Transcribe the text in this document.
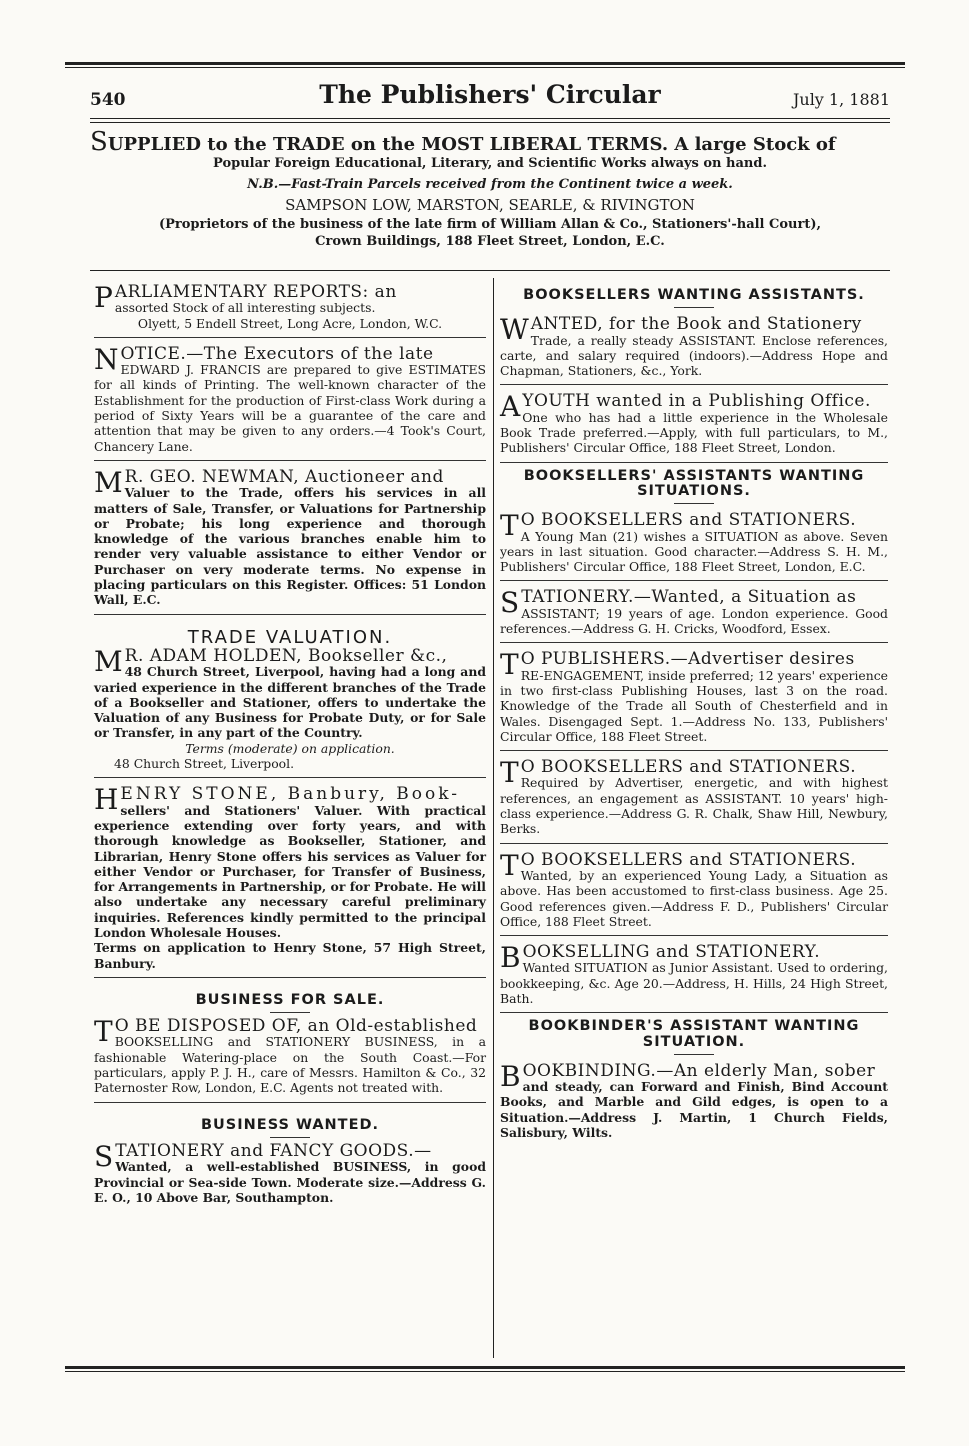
540	The Publishers' Circular	July 1, 1881
SUPPLIED to the TRADE on the MOST LIBERAL TERMS. A large Stock of
Popular Foreign Educational, Literary, and Scientific Works always on hand.
N.B.—Fast-Train Parcels received from the Continent twice a week.
SAMPSON LOW, MARSTON, SEARLE, & RIVINGTON
(Proprietors of the business of the late firm of William Allan & Co., Stationers'-hall Court),
Crown Buildings, 188 Fleet Street, London, E.C.

PARLIAMENTARY REPORTS: an

assorted Stock of all interesting subjects.

Olyett, 5 Endell Street, Long Acre, London, W.C.

NOTICE.—The Executors of the late

EDWARD J. FRANCIS are prepared to give ESTIMATES for all kinds of Printing. The well-known character of the Establishment for the production of First-class Work during a period of Sixty Years will be a guarantee of the care and attention that may be given to any orders.—4 Took's Court, Chancery Lane.

M R. GEO. NEWMAN, Auctioneer and

Valuer to the Trade, offers his services in all matters of Sale, Transfer, or Valuations for Partnership or Probate; his long experience and thorough knowledge of the various branches enable him to render very valuable assistance to either Vendor or Purchaser on very moderate terms. No expense in placing particulars on this Register. Offices: 51 London Wall, E.C.

TRADE VALUATION.

M R. ADAM HOLDEN, Bookseller &c.,

48 Church Street, Liverpool, having had a long and varied experience in the different branches of the Trade of a Bookseller and Stationer, offers to undertake the Valuation of any Business for Probate Duty, or for Sale or Transfer, in any part of the Country.

Terms (moderate) on application.

48 Church Street, Liverpool.

HENRY STONE, Banbury, Book-

sellers' and Stationers' Valuer. With practical experience extending over forty years, and with thorough knowledge as Bookseller, Stationer, and Librarian, Henry Stone offers his services as Valuer for either Vendor or Purchaser, for Transfer of Business, for Arrangements in Partnership, or for Probate. He will also undertake any necessary careful preliminary inquiries. References kindly permitted to the principal London Wholesale Houses.

Terms on application to Henry Stone, 57 High Street, Banbury.

BUSINESS FOR SALE.

T O BE DISPOSED OF, an Old-established

BOOKSELLING and STATIONERY BUSINESS, in a fashionable Watering-place on the South Coast.—For particulars, apply P. J. H., care of Messrs. Hamilton & Co., 32 Paternoster Row, London, E.C. Agents not treated with.

BUSINESS WANTED.

STATIONERY and FANCY GOODS.—

Wanted, a well-established BUSINESS, in good Provincial or Sea-side Town. Moderate size.—Address G. E. O., 10 Above Bar, Southampton.

BOOKSELLERS WANTING ASSISTANTS.

WANTED, for the Book and Stationery

Trade, a really steady ASSISTANT. Enclose references, carte, and salary required (indoors).—Address Hope and Chapman, Stationers, &c., York.

A YOUTH wanted in a Publishing Office.

One who has had a little experience in the Wholesale Book Trade preferred.—Apply, with full particulars, to M., Publishers' Circular Office, 188 Fleet Street, London.

BOOKSELLERS' ASSISTANTS WANTING SITUATIONS.

T O BOOKSELLERS and STATIONERS.

A Young Man (21) wishes a SITUATION as above. Seven years in last situation. Good character.—Address S. H. M., Publishers' Circular Office, 188 Fleet Street, London, E.C.

STATIONERY.—Wanted, a Situation as

ASSISTANT; 19 years of age. London experience. Good references.—Address G. H. Cricks, Woodford, Essex.

T O PUBLISHERS.—Advertiser desires

RE-ENGAGEMENT, inside preferred; 12 years' experience in two first-class Publishing Houses, last 3 on the road. Knowledge of the Trade all South of Chesterfield and in Wales. Disengaged Sept. 1.—Address No. 133, Publishers' Circular Office, 188 Fleet Street.

T O BOOKSELLERS and STATIONERS.

Required by Advertiser, energetic, and with highest references, an engagement as ASSISTANT. 10 years' high-class experience.—Address G. R. Chalk, Shaw Hill, Newbury, Berks.

T O BOOKSELLERS and STATIONERS.

Wanted, by an experienced Young Lady, a Situation as above. Has been accustomed to first-class business. Age 25. Good references given.—Address F. D., Publishers' Circular Office, 188 Fleet Street.

BOOKSELLING and STATIONERY.

Wanted SITUATION as Junior Assistant. Used to ordering, bookkeeping, &c. Age 20.—Address, H. Hills, 24 High Street, Bath.

BOOKBINDER'S ASSISTANT WANTING SITUATION.

BOOKBINDING.—An elderly Man, sober

and steady, can Forward and Finish, Bind Account Books, and Marble and Gild edges, is open to a Situation.—Address J. Martin, 1 Church Fields, Salisbury, Wilts.
